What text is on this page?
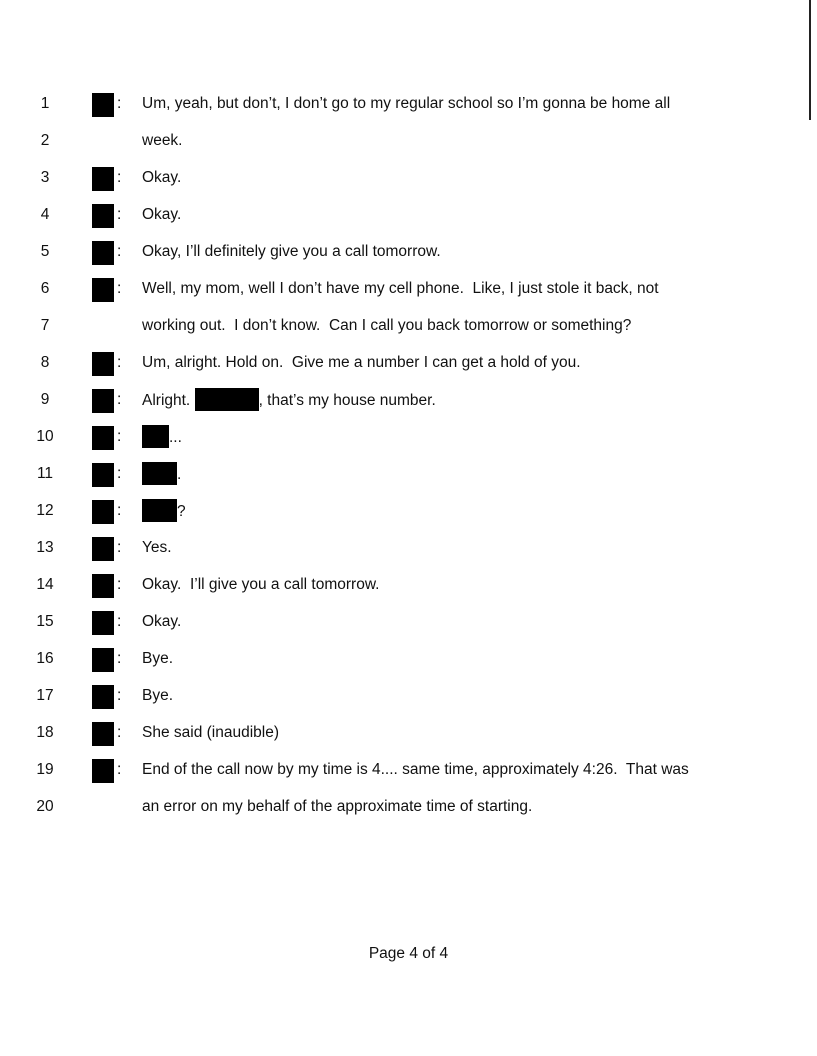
1	: Um, yeah, but don’t, I don’t go to my regular school so I’m gonna be home all
2	week.
3	: Okay.
4	: Okay.
5	: Okay, I’ll definitely give you a call tomorrow.
6	: Well, my mom, well I don’t have my cell phone.  Like, I just stole it back, not
7	working out.  I don’t know.  Can I call you back tomorrow or something?
8	: Um, alright. Hold on.  Give me a number I can get a hold of you.
9	: Alright.	, that’s my house number.
10	:	...
11	:	.
12	:	?
13	: Yes.
14	: Okay.  I’ll give you a call tomorrow.
15	: Okay.
16	: Bye.
17	: Bye.
18	: She said (inaudible)
19	: End of the call now by my time is 4.... same time, approximately 4:26.  That was
20	an error on my behalf of the approximate time of starting.
Page 4 of 4
